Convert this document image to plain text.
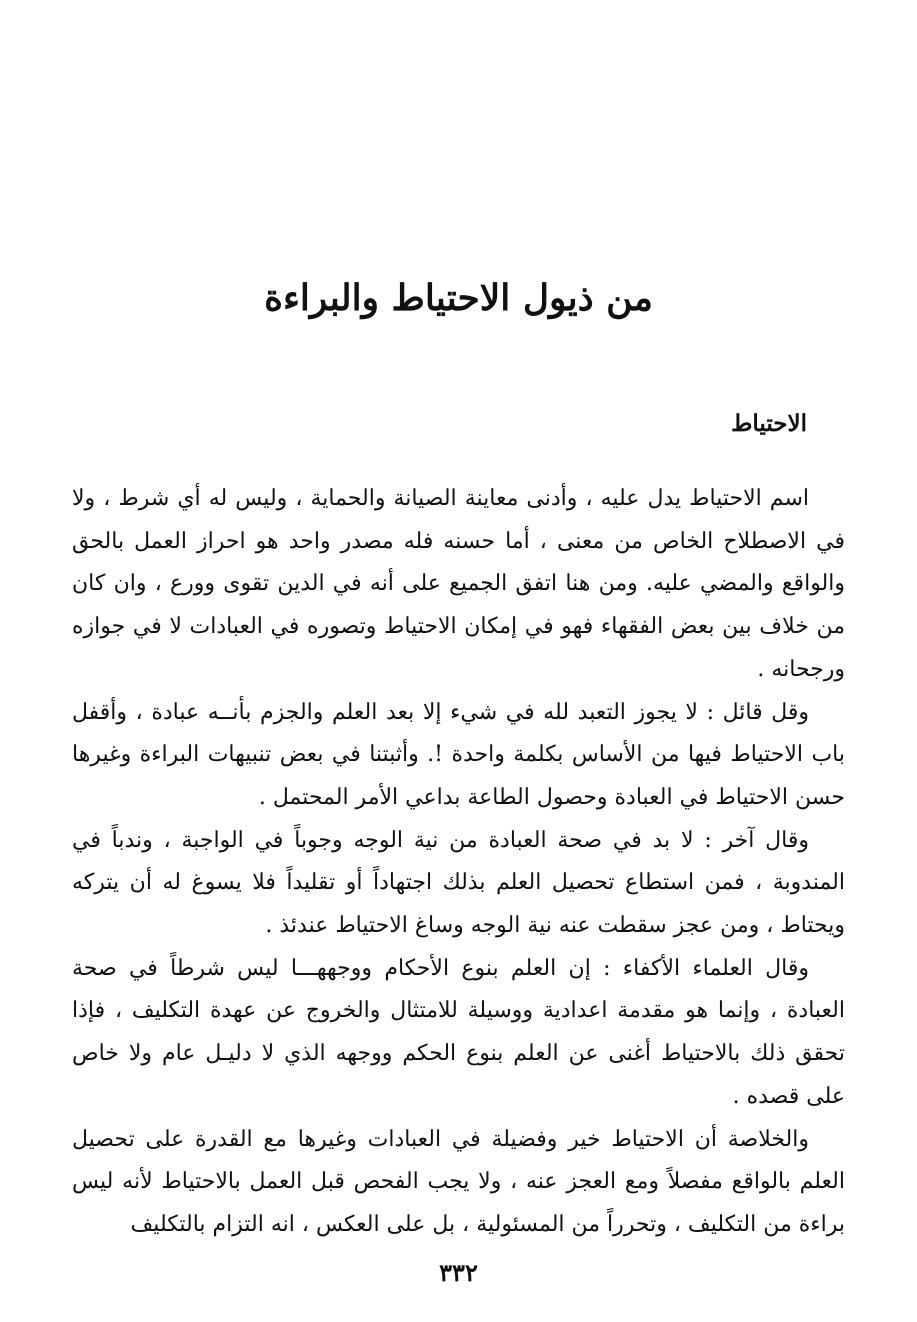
من ذيول الاحتياط والبراءة
الاحتياط

اسم الاحتياط يدل عليه ، وأدنى معاينة الصيانة والحماية ، وليس له أي شرط ، ولا في الاصطلاح الخاص من معنى ، أما حسنه فله مصدر واحد هو احراز العمل بالحق والواقع والمضي عليه. ومن هنا اتفق الجميع على أنه في الدين تقوى وورع ، وان كان من خلاف بين بعض الفقهاء فهو في إمكان الاحتياط وتصوره في العبادات لا في جوازه ورجحانه .

وقل قائل : لا يجوز التعبد لله في شيء إلا بعد العلم والجزم بأنــه عبادة ، وأقفل باب الاحتياط فيها من الأساس بكلمة واحدة !. وأثبتنا في بعض تنبيهات البراءة وغيرها حسن الاحتياط في العبادة وحصول الطاعة بداعي الأمر المحتمل .

وقال آخر : لا بد في صحة العبادة من نية الوجه وجوباً في الواجبة ، وندباً في المندوبة ، فمن استطاع تحصيل العلم بذلك اجتهاداً أو تقليداً فلا يسوغ له أن يتركه ويحتاط ، ومن عجز سقطت عنه نية الوجه وساغ الاحتياط عندئذ .

وقال العلماء الأكفاء : إن العلم بنوع الأحكام ووجههـــا ليس شرطاً في صحة العبادة ، وإنما هو مقدمة اعدادية ووسيلة للامتثال والخروج عن عهدة التكليف ، فإذا تحقق ذلك بالاحتياط أغنى عن العلم بنوع الحكم ووجهه الذي لا دليـل عام ولا خاص على قصده .

والخلاصة أن الاحتياط خير وفضيلة في العبادات وغيرها مع القدرة على تحصيل العلم بالواقع مفصلاً ومع العجز عنه ، ولا يجب الفحص قبل العمل بالاحتياط لأنه ليس براءة من التكليف ، وتحرراً من المسئولية ، بل على العكس ، انه التزام بالتكليف

٣٣٢
